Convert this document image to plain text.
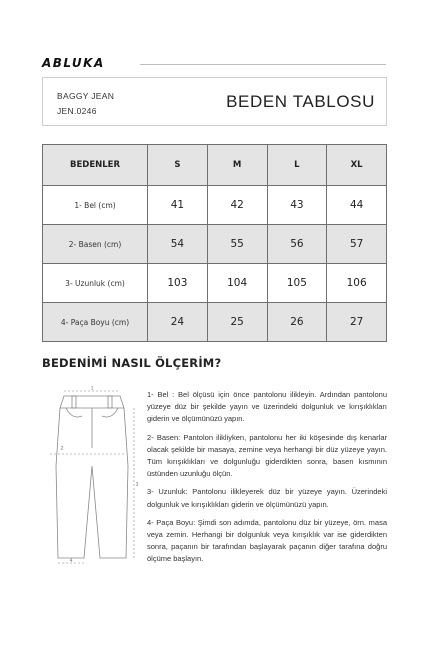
ABLUKA
BAGGY JEAN
JEN.0246	BEDEN TABLOSU
BEDENLER	S	M	L	XL
1- Bel (cm)	41	42	43	44
2- Basen (cm)	54	55	56	57
3- Uzunluk (cm)	103	104	105	106
4- Paça Boyu (cm)	24	25	26	27
BEDENİMİ NASIL ÖLÇERİM?
1
2
3
4

1- Bel : Bel ölçüsü için önce pantolonu ilikleyin. Ardından pantolonu yüzeye düz bir şekilde yayın ve üzerindeki dolgunluk ve kırışıklıkları giderin ve ölçümünüzü yapın.

2- Basen: Pantolon ilikliyken, pantolonu her iki köşesinde dış kenarlar olacak şekilde bir masaya, zemine veya herhangi bir düz yüzeye yayın. Tüm kırışıklıkları ve dolgunluğu giderdikten sonra, basen kısmının üstünden uzunluğu ölçün.

3- Uzunluk: Pantolonu ilikleyerek düz bir yüzeye yayın. Üzerindeki dolgunluk ve kırışıklıkları giderin ve ölçümünüzü yapın.

4- Paça Boyu: Şimdi son adımda, pantolonu düz bir yüzeye, örn. masa veya zemin. Herhangi bir dolgunluk veya kırışıklık var ise giderdikten sonra, paçanın bir tarafından başlayarak paçanın diğer tarafına doğru ölçüme başlayın.
